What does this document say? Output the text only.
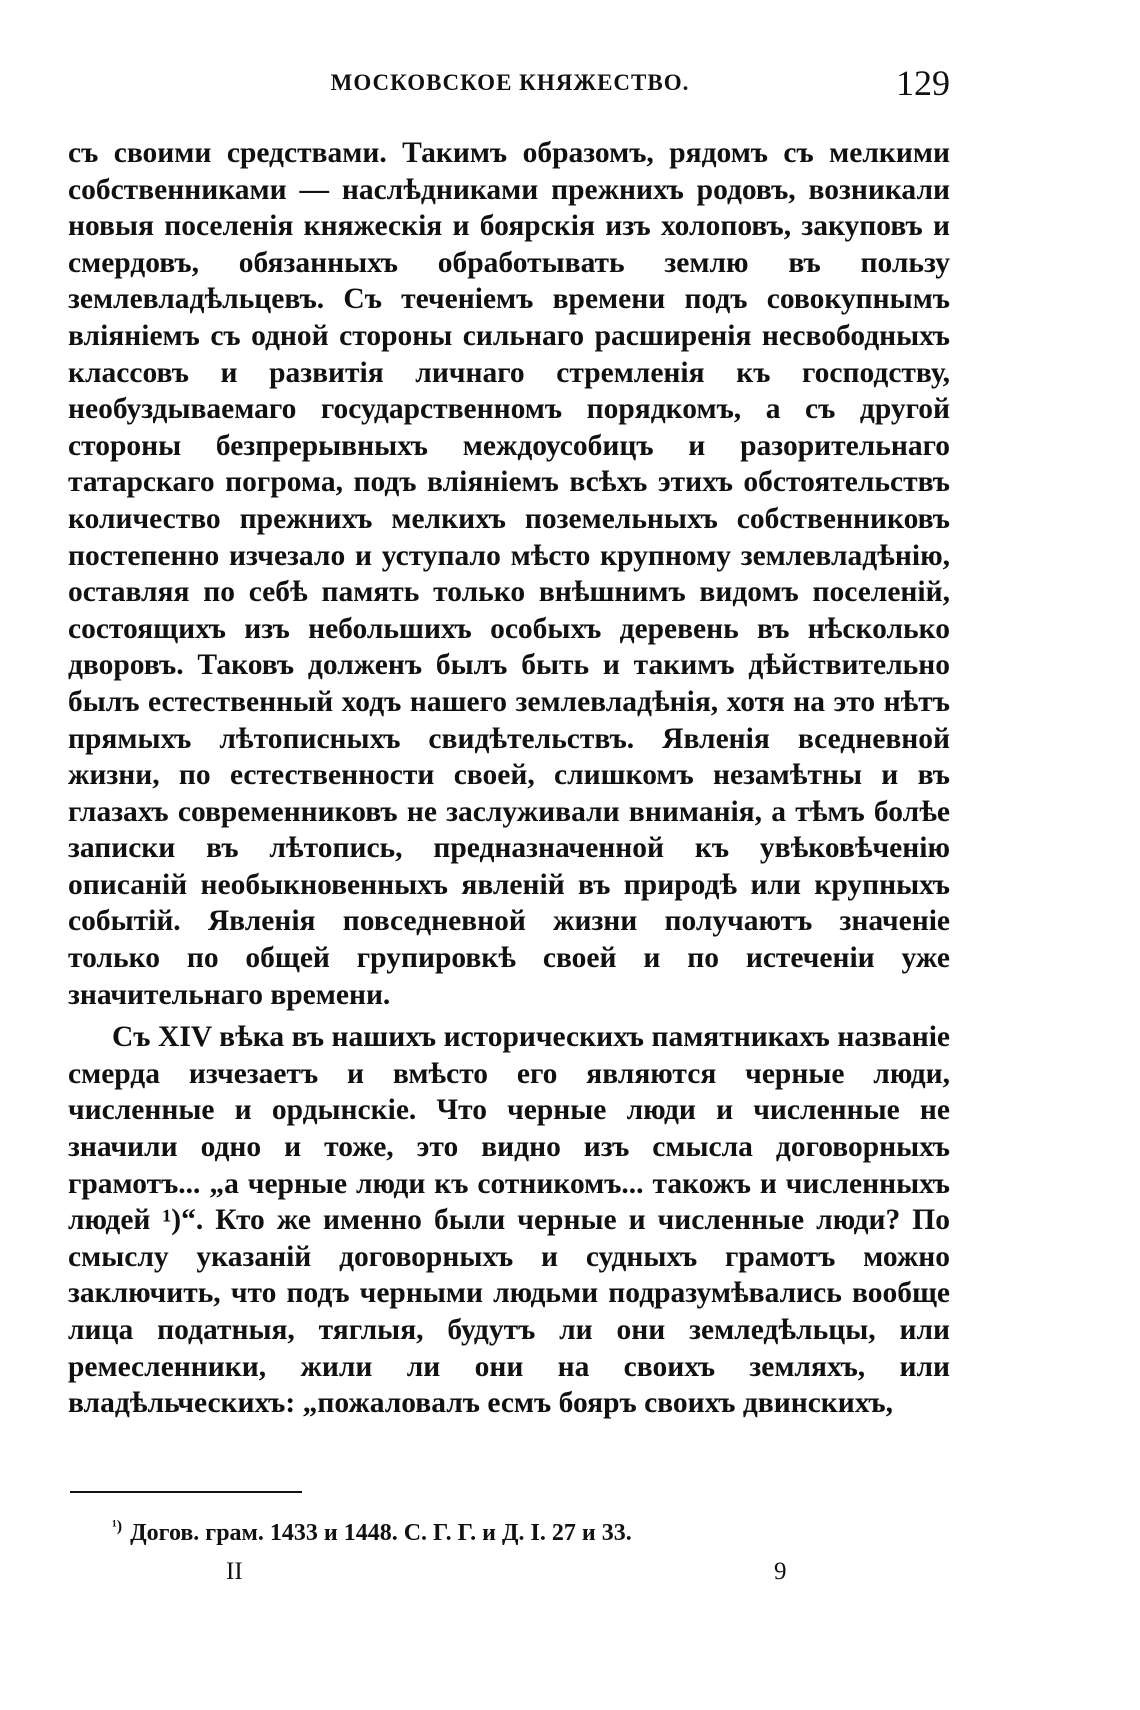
МОСКОВСКОЕ КНЯЖЕСТВО.	129

съ своими средствами. Такимъ образомъ, рядомъ съ мелкими собственниками — наслѣдниками прежнихъ родовъ, возникали новыя поселенія княжескія и боярскія изъ холоповъ, закуповъ и смердовъ, обязанныхъ обработывать землю въ пользу землевладѣльцевъ. Съ теченіемъ времени подъ совокупнымъ вліяніемъ съ одной стороны сильнаго расширенія несвободныхъ классовъ и развитія личнаго стремленія къ господству, необуздываемаго государственномъ порядкомъ, а съ другой стороны безпрерывныхъ междоусобицъ и разорительнаго татарскаго погрома, подъ вліяніемъ всѣхъ этихъ обстоятельствъ количество прежнихъ мелкихъ поземельныхъ собственниковъ постепенно изчезало и уступало мѣсто крупному землевладѣнію, оставляя по себѣ память только внѣшнимъ видомъ поселеній, состоящихъ изъ небольшихъ особыхъ деревень въ нѣсколько дворовъ. Таковъ долженъ былъ быть и такимъ дѣйствительно былъ естественный ходъ нашего землевладѣнія, хотя на это нѣтъ прямыхъ лѣтописныхъ свидѣтельствъ. Явленія вседневной жизни, по естественности своей, слишкомъ незамѣтны и въ глазахъ современниковъ не заслуживали вниманія, а тѣмъ болѣе записки въ лѣтопись, предназначенной къ увѣковѣченію описаній необыкновенныхъ явленій въ природѣ или крупныхъ событій. Явленія повседневной жизни получаютъ значеніе только по общей групировкѣ своей и по истеченіи уже значительнаго времени.

Съ XIV вѣка въ нашихъ историческихъ памятникахъ названіе смерда изчезаетъ и вмѣсто его являются черные люди, численные и ордынскіе. Что черные люди и численные не значили одно и тоже, это видно изъ смысла договорныхъ грамотъ... „а черные люди къ сотникомъ... такожъ и численныхъ людей ¹)“. Кто же именно были черные и численные люди? По смыслу указаній договорныхъ и судныхъ грамотъ можно заключить, что подъ черными людьми подразумѣвались вообще лица податныя, тяглыя, будутъ ли они земледѣльцы, или ремесленники, жили ли они на своихъ земляхъ, или владѣльческихъ: „пожаловалъ есмъ бояръ своихъ двинскихъ,

$^{^1)}$ Догов. грам. 1433 и 1448. С. Г. Г. и Д. I. 27 и 33.
II	9
